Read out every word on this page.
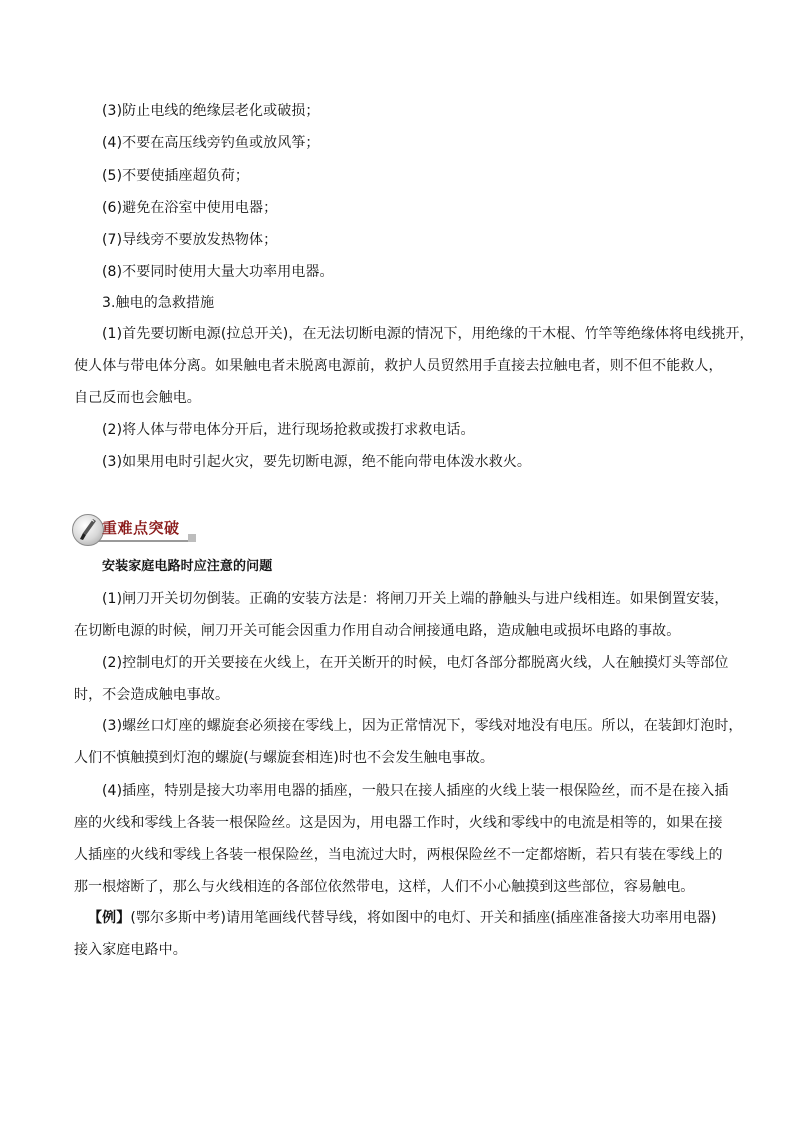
(3)防止电线的绝缘层老化或破损；

(4)不要在高压线旁钓鱼或放风筝；

(5)不要使插座超负荷；

(6)避免在浴室中使用电器；

(7)导线旁不要放发热物体；

(8)不要同时使用大量大功率用电器。

3.触电的急救措施

(1)首先要切断电源(拉总开关)，在无法切断电源的情况下，用绝缘的干木棍、竹竿等绝缘体将电线挑开，

使人体与带电体分离。如果触电者未脱离电源前，救护人员贸然用手直接去拉触电者，则不但不能救人，

自己反而也会触电。

(2)将人体与带电体分开后，进行现场抢救或拨打求救电话。

(3)如果用电时引起火灾，要先切断电源，绝不能向带电体泼水救火。

重难点突破

安装家庭电路时应注意的问题

(1)闸刀开关切勿倒装。正确的安装方法是：将闸刀开关上端的静触头与进户线相连。如果倒置安装，

在切断电源的时候，闸刀开关可能会因重力作用自动合闸接通电路，造成触电或损坏电路的事故。

(2)控制电灯的开关要接在火线上，在开关断开的时候，电灯各部分都脱离火线，人在触摸灯头等部位

时，不会造成触电事故。

(3)螺丝口灯座的螺旋套必须接在零线上，因为正常情况下，零线对地没有电压。所以，在装卸灯泡时，

人们不慎触摸到灯泡的螺旋(与螺旋套相连)时也不会发生触电事故。

(4)插座，特别是接大功率用电器的插座，一般只在接人插座的火线上装一根保险丝，而不是在接入插

座的火线和零线上各装一根保险丝。这是因为，用电器工作时，火线和零线中的电流是相等的，如果在接

人插座的火线和零线上各装一根保险丝，当电流过大时，两根保险丝不一定都熔断，若只有装在零线上的

那一根熔断了，那么与火线相连的各部位依然带电，这样，人们不小心触摸到这些部位，容易触电。

【例】(鄂尔多斯中考)请用笔画线代替导线，将如图中的电灯、开关和插座(插座准备接大功率用电器)

接入家庭电路中。
